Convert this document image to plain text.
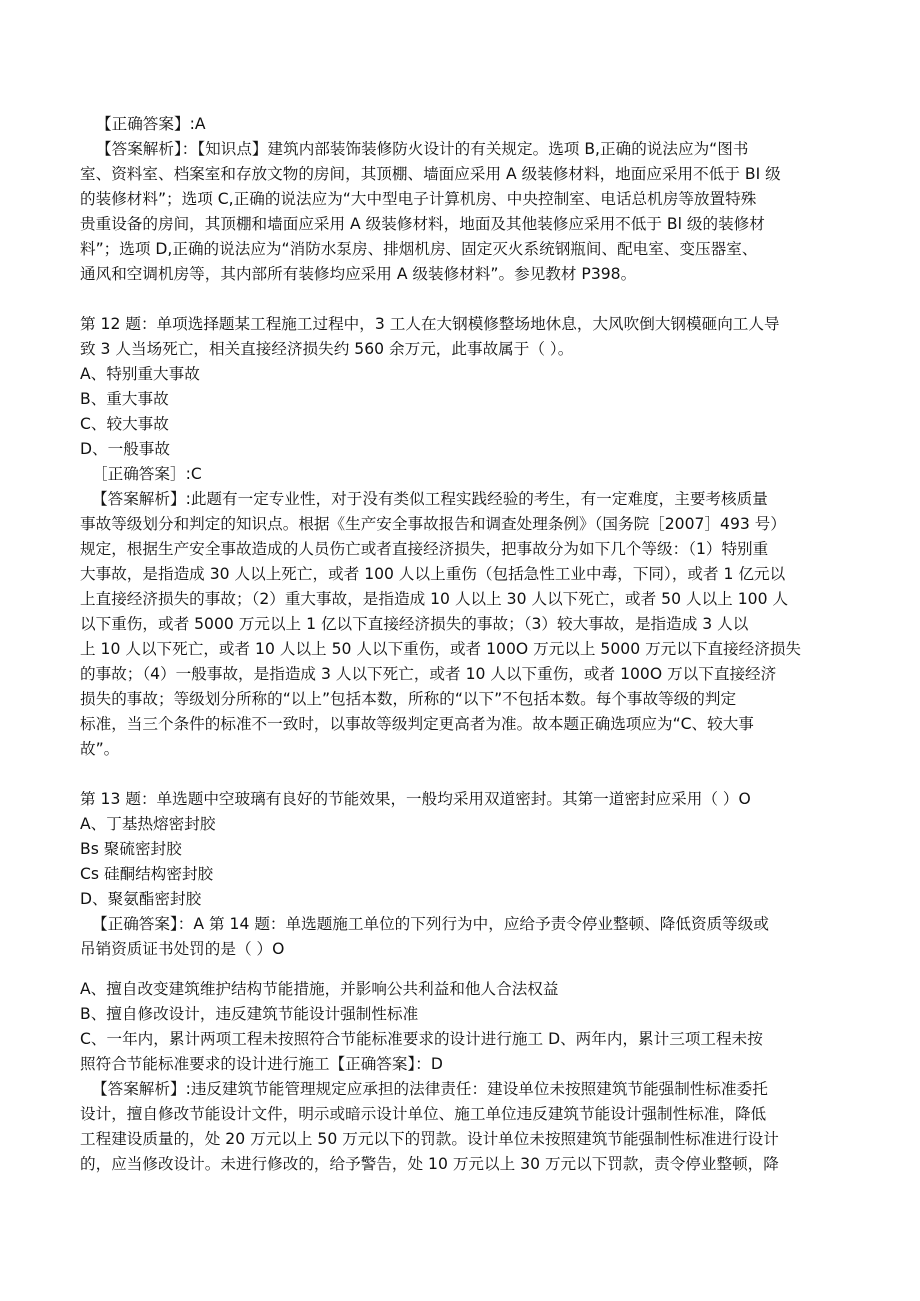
【正确答案】:A
【答案解析】：【知识点】建筑内部装饰装修防火设计的有关规定。选项 B,正确的说法应为“图书
室、资料室、档案室和存放文物的房间，其顶棚、墙面应采用 A 级装修材料，地面应采用不低于 BI 级
的装修材料”；选项 C,正确的说法应为“大中型电子计算机房、中央控制室、电话总机房等放置特殊
贵重设备的房间，其顶棚和墙面应采用 A 级装修材料，地面及其他装修应采用不低于 Bl 级的装修材
料”；选项 D,正确的说法应为“消防水泵房、排烟机房、固定灭火系统钢瓶间、配电室、变压器室、
通风和空调机房等，其内部所有装修均应采用 A 级装修材料”。参见教材 P398。
第 12 题：单项选择题某工程施工过程中，3 工人在大钢模修整场地休息，大风吹倒大钢模砸向工人导
致 3 人当场死亡，相关直接经济损失约 560 余万元，此事故属于（ ）。
A、特别重大事故
B、重大事故
C、较大事故
D、一般事故
［正确答案］:C
【答案解析】:此题有一定专业性，对于没有类似工程实践经验的考生，有一定难度，主要考核质量
事故等级划分和判定的知识点。根据《生产安全事故报告和调查处理条例》（国务院［2007］493 号）
规定，根据生产安全事故造成的人员伤亡或者直接经济损失，把事故分为如下几个等级：（1）特别重
大事故，是指造成 30 人以上死亡，或者 100 人以上重伤（包括急性工业中毒，下同），或者 1 亿元以
上直接经济损失的事故；（2）重大事故，是指造成 10 人以上 30 人以下死亡，或者 50 人以上 100 人
以下重伤，或者 5000 万元以上 1 亿以下直接经济损失的事故；（3）较大事故，是指造成 3 人以
上 10 人以下死亡，或者 10 人以上 50 人以下重伤，或者 100O 万元以上 5000 万元以下直接经济损失
的事故；（4）一般事故，是指造成 3 人以下死亡，或者 10 人以下重伤，或者 100O 万以下直接经济
损失的事故；等级划分所称的“以上”包括本数，所称的“以下”不包括本数。每个事故等级的判定
标准，当三个条件的标准不一致时，以事故等级判定更高者为准。故本题正确选项应为“C、较大事
故”。
第 13 题：单选题中空玻璃有良好的节能效果，一般均采用双道密封。其第一道密封应采用（ ）O
A、丁基热熔密封胶
Bs 聚硫密封胶
Cs 硅酮结构密封胶
D、聚氨酯密封胶
【正确答案】：A 第 14 题：单选题施工单位的下列行为中，应给予责令停业整顿、降低资质等级或
吊销资质证书处罚的是（ ）O
A、擅自改变建筑维护结构节能措施，并影响公共利益和他人合法权益
B、擅自修改设计，违反建筑节能设计强制性标准
C、一年内，累计两项工程未按照符合节能标准要求的设计进行施工 D、两年内，累计三项工程未按
照符合节能标准要求的设计进行施工【正确答案】：D
【答案解析】:违反建筑节能管理规定应承担的法律责任：建设单位未按照建筑节能强制性标准委托
设计，擅自修改节能设计文件，明示或暗示设计单位、施工单位违反建筑节能设计强制性标准，降低
工程建设质量的，处 20 万元以上 50 万元以下的罚款。设计单位未按照建筑节能强制性标准进行设计
的，应当修改设计。未进行修改的，给予警告，处 10 万元以上 30 万元以下罚款，责令停业整顿，降
